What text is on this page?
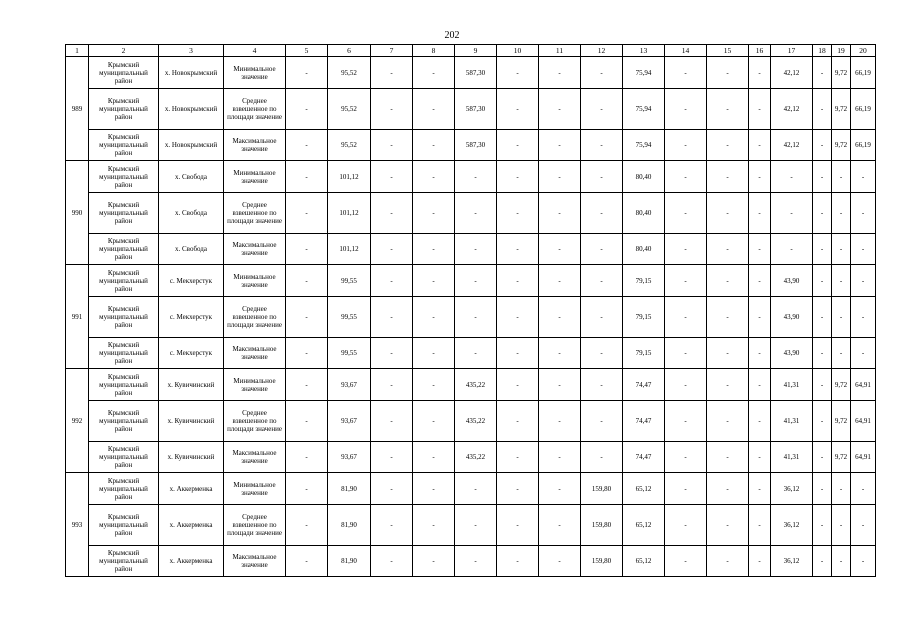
202
1	2	3	4	5	6	7	8	9	10	11	12	13	14	15	16	17	18	19	20
989	Крымский муниципальный район	х. Новокрымский	Минимальное значение	-	95,52	-	-	587,30	-	-	-	75,94	-	-	-	42,12	-	9,72	66,19
	Крымский муниципальный район	х. Новокрымский	Среднее взвешенное по площади значение	-	95,52	-	-	587,30	-	-	-	75,94	-	-	-	42,12	-	9,72	66,19
	Крымский муниципальный район	х. Новокрымский	Максимальное значение	-	95,52	-	-	587,30	-	-	-	75,94	-	-	-	42,12	-	9,72	66,19
990	Крымский муниципальный район	х. Свобода	Минимальное значение	-	101,12	-	-	-	-	-	-	80,40	-	-	-	-	-	-	-
	Крымский муниципальный район	х. Свобода	Среднее взвешенное по площади значение	-	101,12	-	-	-	-	-	-	80,40	-	-	-	-	-	-	-
	Крымский муниципальный район	х. Свобода	Максимальное значение	-	101,12	-	-	-	-	-	-	80,40	-	-	-	-	-	-	-
991	Крымский муниципальный район	с. Мекхерстук	Минимальное значение	-	99,55	-	-	-	-	-	-	79,15	-	-	-	43,90	-	-	-
	Крымский муниципальный район	с. Мекхерстук	Среднее взвешенное по площади значение	-	99,55	-	-	-	-	-	-	79,15	-	-	-	43,90	-	-	-
	Крымский муниципальный район	с. Мекхерстук	Максимальное значение	-	99,55	-	-	-	-	-	-	79,15	-	-	-	43,90	-	-	-
992	Крымский муниципальный район	х. Кувичинский	Минимальное значение	-	93,67	-	-	435,22	-	-	-	74,47	-	-	-	41,31	-	9,72	64,91
	Крымский муниципальный район	х. Кувичинский	Среднее взвешенное по площади значение	-	93,67	-	-	435,22	-	-	-	74,47	-	-	-	41,31	-	9,72	64,91
	Крымский муниципальный район	х. Кувичинский	Максимальное значение	-	93,67	-	-	435,22	-	-	-	74,47	-	-	-	41,31	-	9,72	64,91
993	Крымский муниципальный район	х. Аккерменка	Минимальное значение	-	81,90	-	-	-	-	-	159,80	65,12	-	-	-	36,12	-	-	-
	Крымский муниципальный район	х. Аккерменка	Среднее взвешенное по площади значение	-	81,90	-	-	-	-	-	159,80	65,12	-	-	-	36,12	-	-	-
	Крымский муниципальный район	х. Аккерменка	Максимальное значение	-	81,90	-	-	-	-	-	159,80	65,12	-	-	-	36,12	-	-	-
